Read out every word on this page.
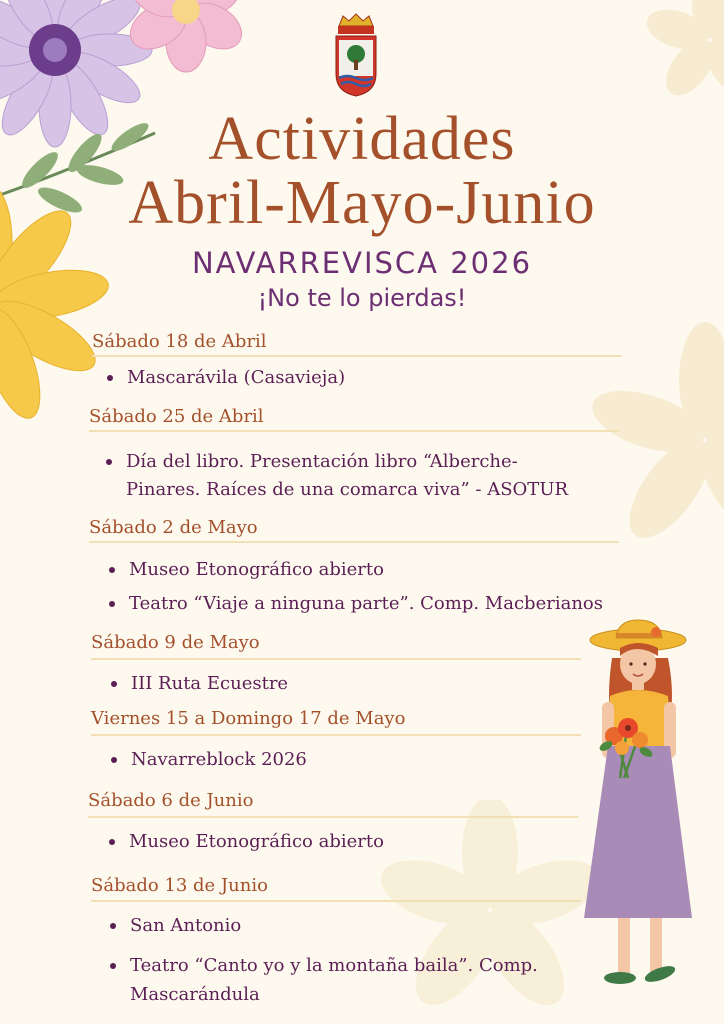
Actividades
Abril-Mayo-Junio
NAVARREVISCA 2026
¡No te lo pierdas!
Sábado 18 de Abril
Mascarávila (Casavieja)
Sábado 25 de Abril
Día del libro. Presentación libro “Alberche-
Pinares. Raíces de una comarca viva” - ASOTUR
Sábado 2 de Mayo
Museo Etonográfico abierto
Teatro “Viaje a ninguna parte”. Comp. Macberianos
Sábado 9 de Mayo
III Ruta Ecuestre
Viernes 15 a Domingo 17 de Mayo
Navarreblock 2026
Sábado 6 de Junio
Museo Etonográfico abierto
Sábado 13 de Junio
San Antonio
Teatro “Canto yo y la montaña baila”. Comp.
Mascarándula
